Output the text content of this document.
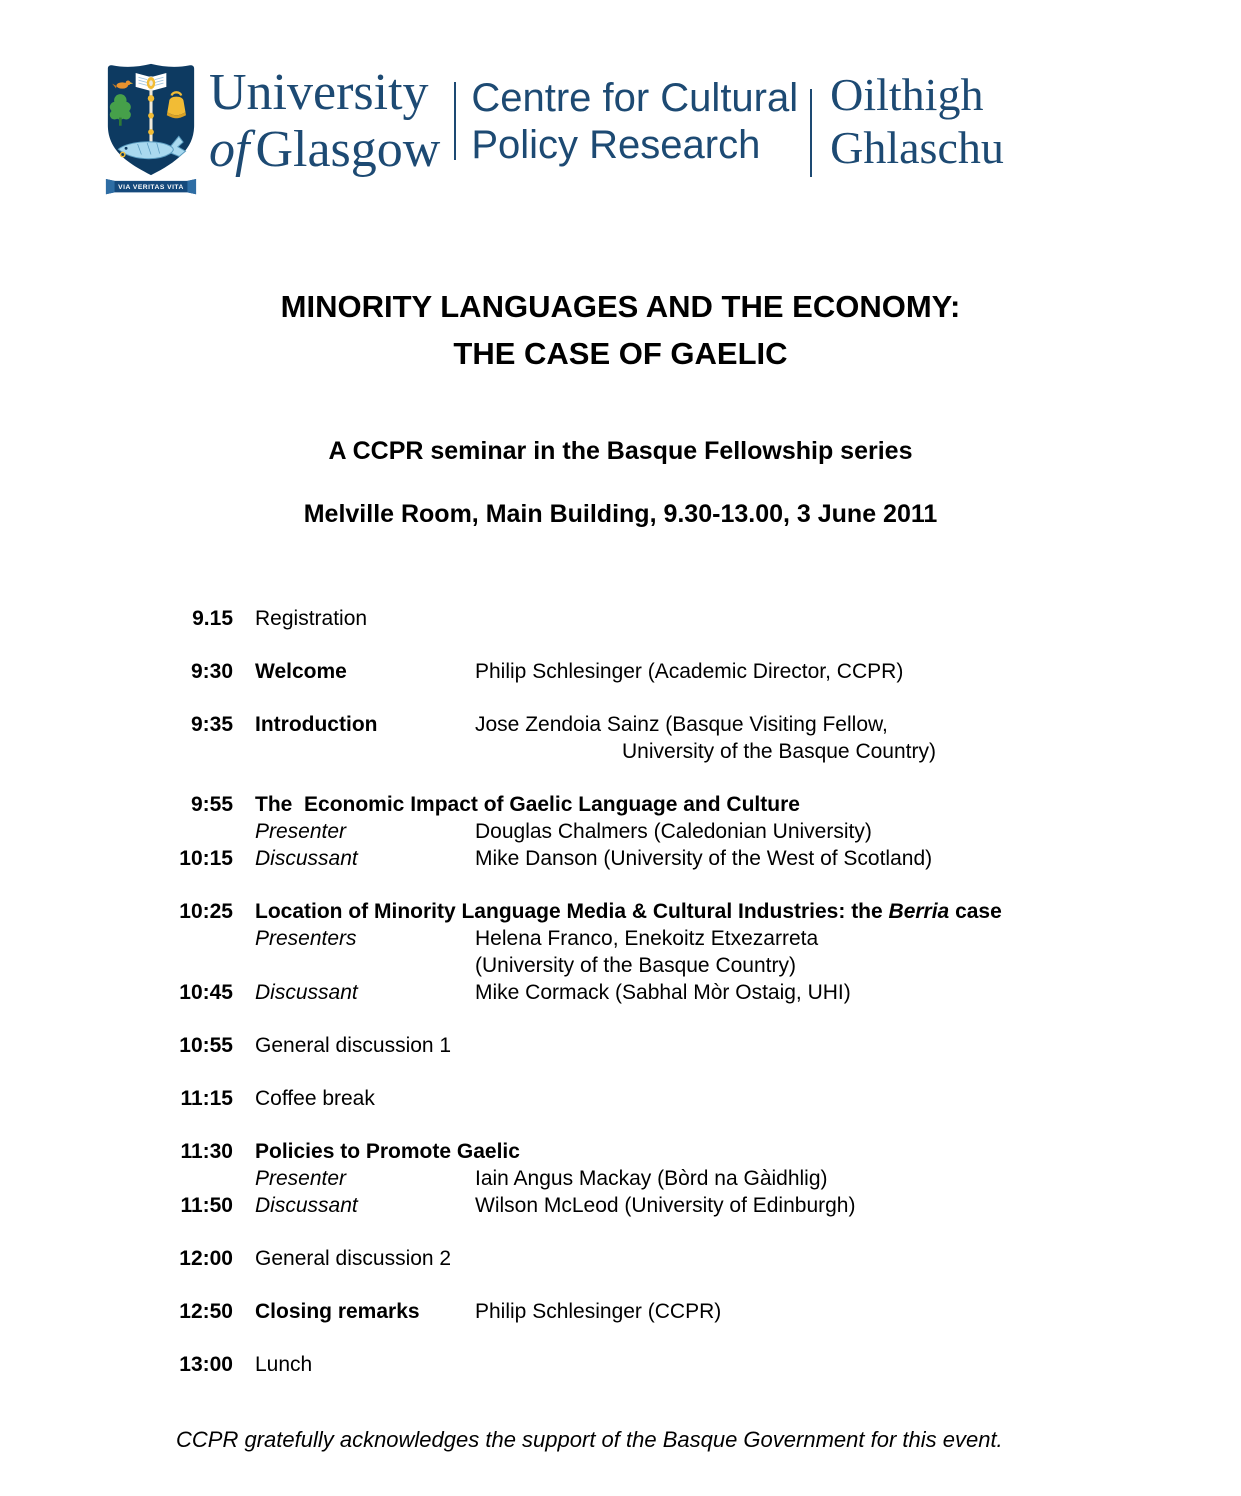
VIA VERITAS VITA
University
of Glasgow
Centre for Cultural
Policy Research
Oilthigh
Ghlaschu
MINORITY LANGUAGES AND THE ECONOMY:
THE CASE OF GAELIC

A CCPR seminar in the Basque Fellowship series

Melville Room, Main Building, 9.30-13.00, 3 June 2011

9.15 Registration
9:30 Welcome	Philip Schlesinger (Academic Director, CCPR)
9:35 Introduction	Jose Zendoia Sainz (Basque Visiting Fellow,
University of the Basque Country)
9:55 The  Economic Impact of Gaelic Language and Culture
Presenter	Douglas Chalmers (Caledonian University)
10:15 Discussant	Mike Danson (University of the West of Scotland)
10:25 Location of Minority Language Media & Cultural Industries: the Berria case
Presenters	Helena Franco, Enekoitz Etxezarreta
(University of the Basque Country)
10:45 Discussant	Mike Cormack (Sabhal Mòr Ostaig, UHI)
10:55 General discussion 1
11:15 Coffee break
11:30 Policies to Promote Gaelic
Presenter	Iain Angus Mackay (Bòrd na Gàidhlig)
11:50 Discussant	Wilson McLeod (University of Edinburgh)
12:00 General discussion 2
12:50 Closing remarks	Philip Schlesinger (CCPR)
13:00 Lunch

CCPR gratefully acknowledges the support of the Basque Government for this event.
